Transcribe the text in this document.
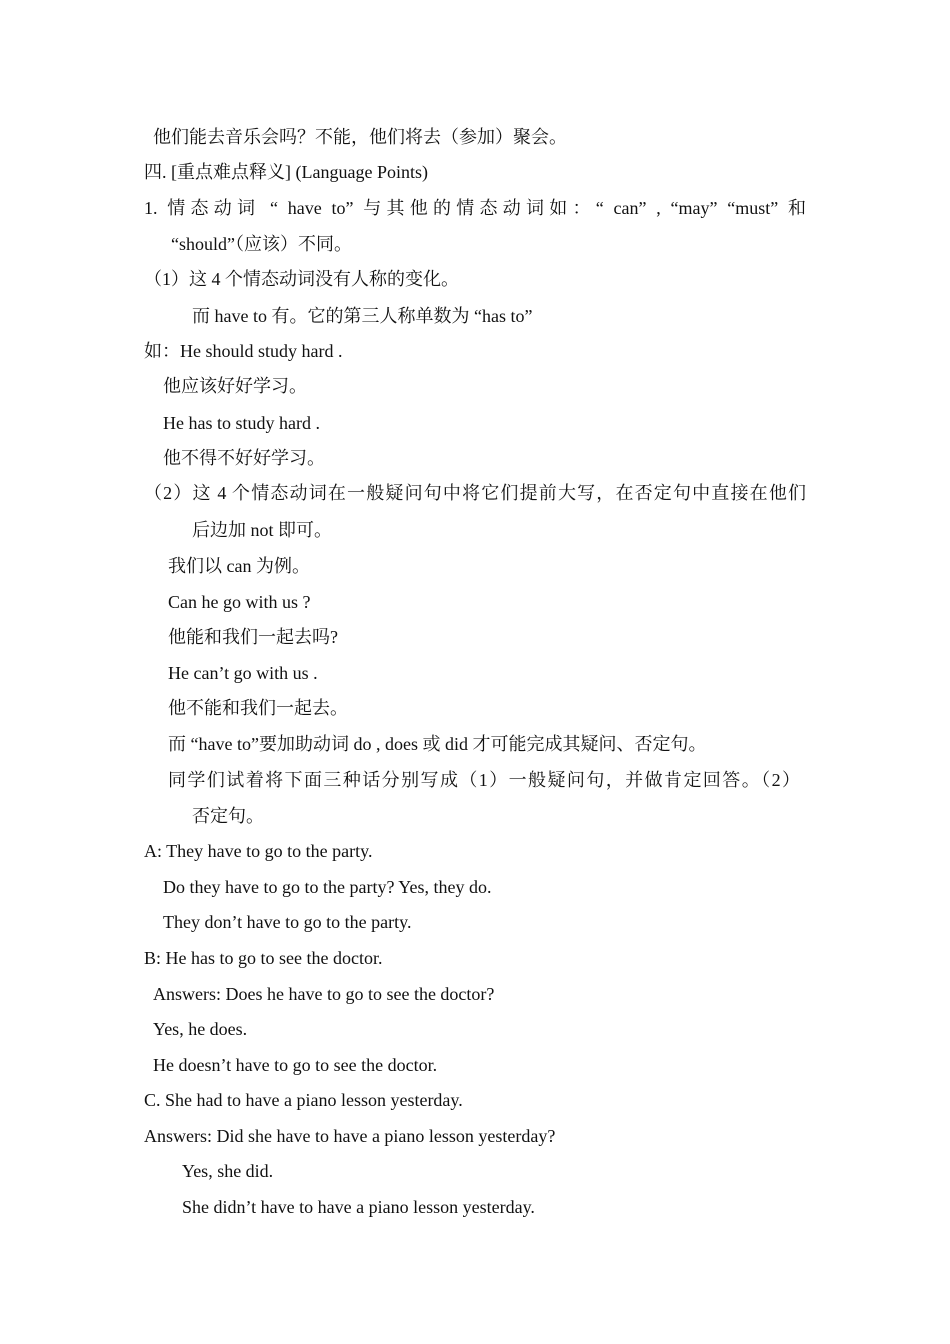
他们能去音乐会吗？不能，他们将去（参加）聚会。
四. [重点难点释义] (Language Points)
1. 情态动词 “ have to” 与其他的情态动词如：“ can” , “may” “must” 和
“should”（应该）不同。
（1）这 4 个情态动词没有人称的变化。
而 have to 有。它的第三人称单数为 “has to”
如：He should study hard .
他应该好好学习。
He has to study hard .
他不得不好好学习。
（2）这 4 个情态动词在一般疑问句中将它们提前大写，在否定句中直接在他们
后边加 not 即可。
我们以 can 为例。
Can he go with us ?
他能和我们一起去吗?
He can’t go with us .
他不能和我们一起去。
而 “have to”要加助动词 do , does 或 did 才可能完成其疑问、否定句。
同学们试着将下面三种话分别写成（1）一般疑问句，并做肯定回答。（2）
否定句。
A: They have to go to the party.
Do they have to go to the party? Yes, they do.
They don’t have to go to the party.
B: He has to go to see the doctor.
Answers: Does he have to go to see the doctor?
Yes, he does.
He doesn’t have to go to see the doctor.
C. She had to have a piano lesson yesterday.
Answers: Did she have to have a piano lesson yesterday?
Yes, she did.
She didn’t have to have a piano lesson yesterday.
